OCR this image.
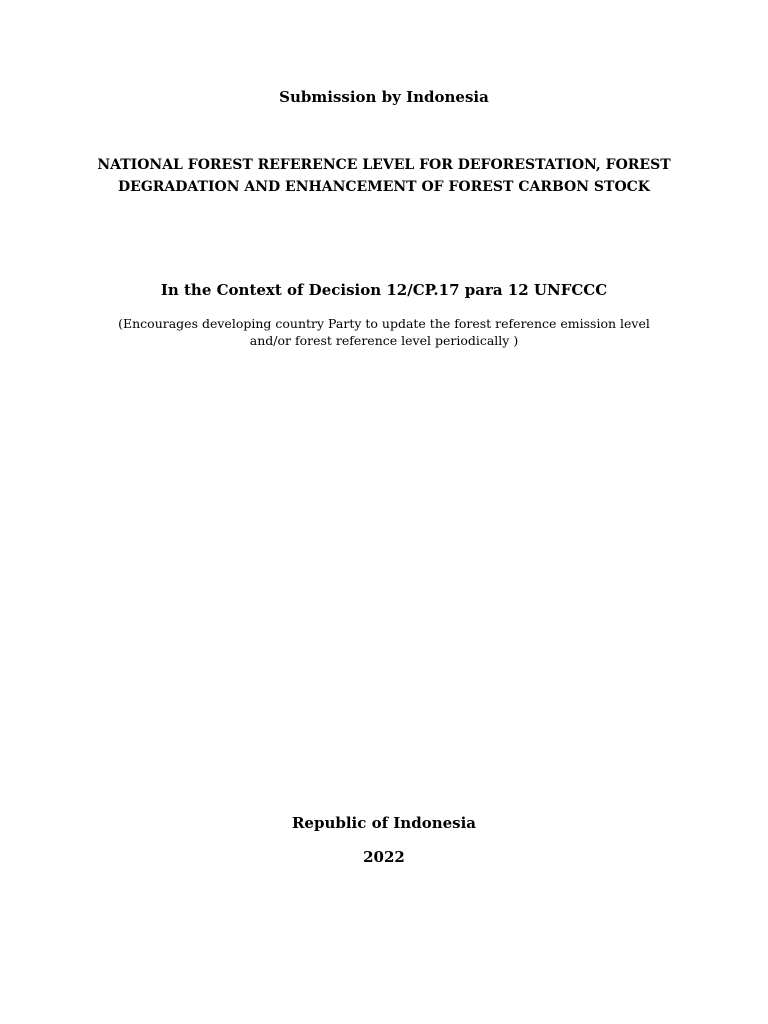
Submission by Indonesia
NATIONAL FOREST REFERENCE LEVEL FOR DEFORESTATION, FOREST
DEGRADATION AND ENHANCEMENT OF FOREST CARBON STOCK
In the Context of Decision 12/CP.17 para 12 UNFCCC
(Encourages developing country Party to update the forest reference emission level
and/or forest reference level periodically )
Republic of Indonesia
2022
